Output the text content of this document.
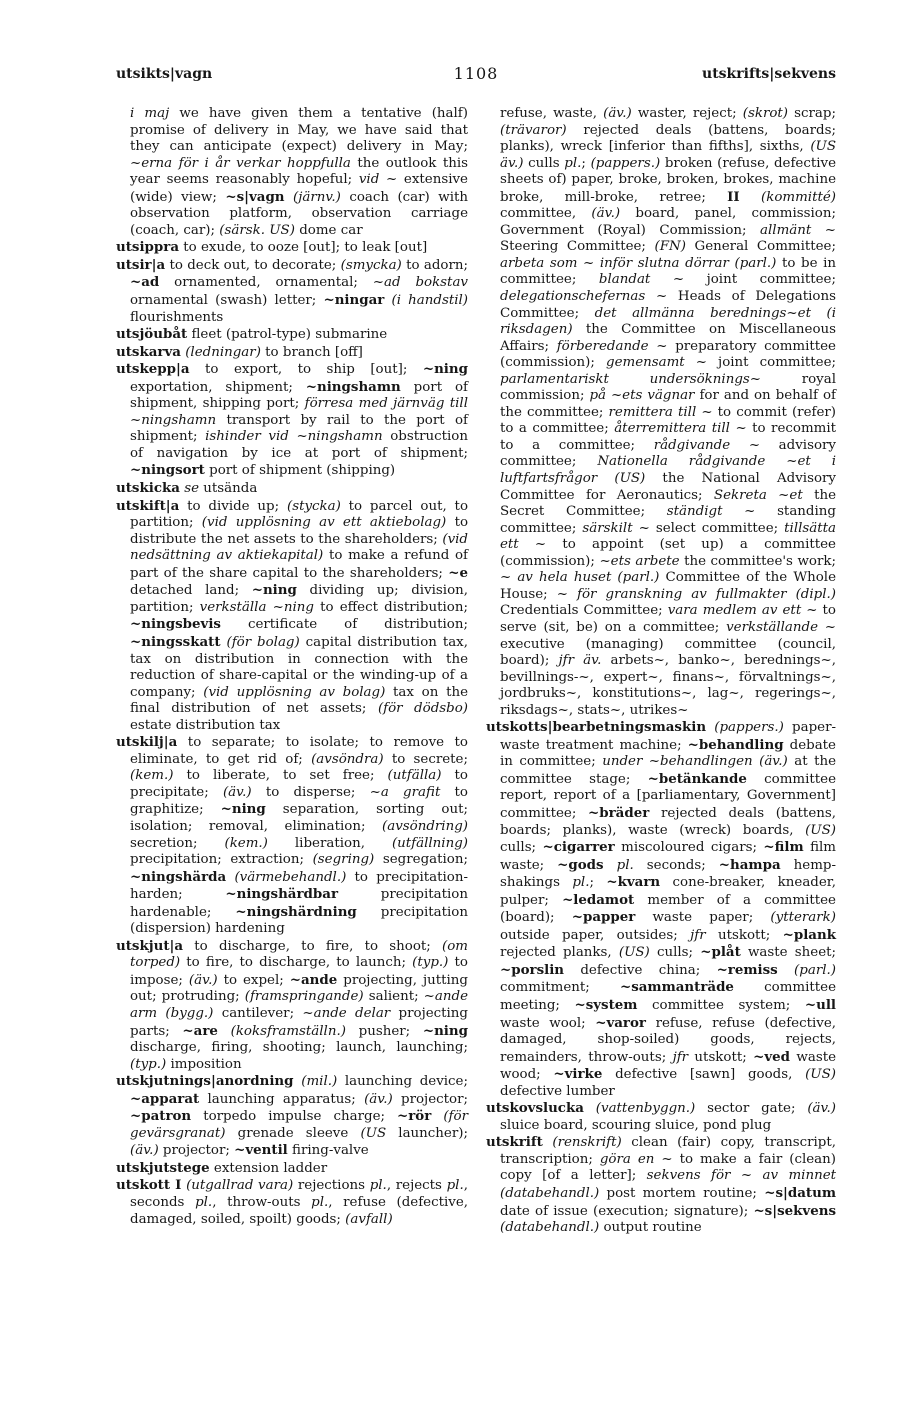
utsikts|vagn	1108	utskrifts|sekvens

i maj we have given them a tentative (half) promise of delivery in May, we have said that they can anticipate (expect) delivery in May; ~erna för i år verkar hoppfulla the outlook this year seems reasonably hopeful; vid ~ extensive (wide) view; ~s|vagn (järnv.) coach (car) with observation platform, observation carriage (coach, car); (särsk. US) dome car

utsippra to exude, to ooze [out]; to leak [out]

utsir|a to deck out, to decorate; (smycka) to adorn; ~ad ornamented, ornamental; ~ad bokstav ornamental (swash) letter; ~ningar (i handstil) flourishments

utsjöubåt fleet (patrol-type) submarine

utskarva (ledningar) to branch [off]

utskepp|a to export, to ship [out]; ~ning exportation, shipment; ~ningshamn port of shipment, shipping port; förresa med järnväg till ~ningshamn transport by rail to the port of shipment; ishinder vid ~ningshamn obstruction of navigation by ice at port of shipment; ~ningsort port of shipment (shipping)

utskicka se utsända

utskift|a to divide up; (stycka) to parcel out, to partition; (vid upplösning av ett aktiebolag) to distribute the net assets to the shareholders; (vid nedsättning av aktiekapital) to make a refund of part of the share capital to the shareholders; ~e detached land; ~ning dividing up; division, partition; verkställa ~ning to effect distribution; ~ningsbevis certificate of distribution; ~ningsskatt (för bolag) capital distribution tax, tax on distribution in connection with the reduction of share-capital or the winding-up of a company; (vid upplösning av bolag) tax on the final distribution of net assets; (för dödsbo) estate distribution tax

utskilj|a to separate; to isolate; to remove to eliminate, to get rid of; (avsöndra) to secrete; (kem.) to liberate, to set free; (utfälla) to precipitate; (äv.) to disperse; ~a grafit to graphitize; ~ning separation, sorting out; isolation; removal, elimination; (avsöndring) secretion; (kem.) liberation, (utfällning) precipitation; extraction; (segring) segregation; ~ningshärda (värmebehandl.) to precipitation-harden; ~ningshärdbar precipitation hardenable; ~ningshärdning precipitation (dispersion) hardening

utskjut|a to discharge, to fire, to shoot; (om torped) to fire, to discharge, to launch; (typ.) to impose; (äv.) to expel; ~ande projecting, jutting out; protruding; (framspringande) salient; ~ande arm (bygg.) cantilever; ~ande delar projecting parts; ~are (koksframställn.) pusher; ~ning discharge, firing, shooting; launch, launching; (typ.) imposition

utskjutnings|anordning (mil.) launching device; ~apparat launching apparatus; (äv.) projector; ~patron torpedo impulse charge; ~rör (för gevärsgranat) grenade sleeve (US launcher); (äv.) projector; ~ventil firing-valve

utskjutstege extension ladder

utskott I (utgallrad vara) rejections pl., rejects pl., seconds pl., throw-outs pl., refuse (defective, damaged, soiled, spoilt) goods; (avfall)

refuse, waste, (äv.) waster, reject; (skrot) scrap; (trävaror) rejected deals (battens, boards; planks), wreck [inferior than fifths], sixths, (US äv.) culls pl.; (pappers.) broken (refuse, defective sheets of) paper, broke, broken, brokes, machine broke, mill-broke, retree; II (kommitté) committee, (äv.) board, panel, commission; Government (Royal) Commission; allmänt ~ Steering Committee; (FN) General Committee; arbeta som ~ inför slutna dörrar (parl.) to be in committee; blandat ~ joint committee; delegationschefernas ~ Heads of Delegations Committee; det allmänna berednings~et (i riksdagen) the Committee on Miscellaneous Affairs; förberedande ~ preparatory committee (commission); gemensamt ~ joint committee; parlamentariskt undersöknings~ royal commission; på ~ets vägnar for and on behalf of the committee; remittera till ~ to commit (refer) to a committee; återremittera till ~ to recommit to a committee; rådgivande ~ advisory committee; Nationella rådgivande ~et i luftfartsfrågor (US) the National Advisory Committee for Aeronautics; Sekreta ~et the Secret Committee; ständigt ~ standing committee; särskilt ~ select committee; tillsätta ett ~ to appoint (set up) a committee (commission); ~ets arbete the committee's work; ~ av hela huset (parl.) Committee of the Whole House; ~ för granskning av fullmakter (dipl.) Credentials Committee; vara medlem av ett ~ to serve (sit, be) on a committee; verkställande ~ executive (managing) committee (council, board); jfr äv. arbets~, banko~, berednings~, bevillnings-~, expert~, finans~, förvaltnings~, jordbruks~, konstitutions~, lag~, regerings~, riksdags~, stats~, utrikes~

utskotts|bearbetningsmaskin (pappers.) paper-waste treatment machine; ~behandling debate in committee; under ~behandlingen (äv.) at the committee stage; ~betänkande committee report, report of a [parliamentary, Government] committee; ~bräder rejected deals (battens, boards; planks), waste (wreck) boards, (US) culls; ~cigarrer miscoloured cigars; ~film film waste; ~gods pl. seconds; ~hampa hemp-shakings pl.; ~kvarn cone-breaker, kneader, pulper; ~ledamot member of a committee (board); ~papper waste paper; (ytterark) outside paper, outsides; jfr utskott; ~plank rejected planks, (US) culls; ~plåt waste sheet; ~porslin defective china; ~remiss (parl.) commitment; ~sammanträde committee meeting; ~system committee system; ~ull waste wool; ~varor refuse, refuse (defective, damaged, shop-soiled) goods, rejects, remainders, throw-outs; jfr utskott; ~ved waste wood; ~virke defective [sawn] goods, (US) defective lumber

utskovslucka (vattenbyggn.) sector gate; (äv.) sluice board, scouring sluice, pond plug

utskrift (renskrift) clean (fair) copy, transcript, transcription; göra en ~ to make a fair (clean) copy [of a letter]; sekvens för ~ av minnet (databehandl.) post mortem routine; ~s|datum date of issue (execution; signature); ~s|sekvens (databehandl.) output routine
